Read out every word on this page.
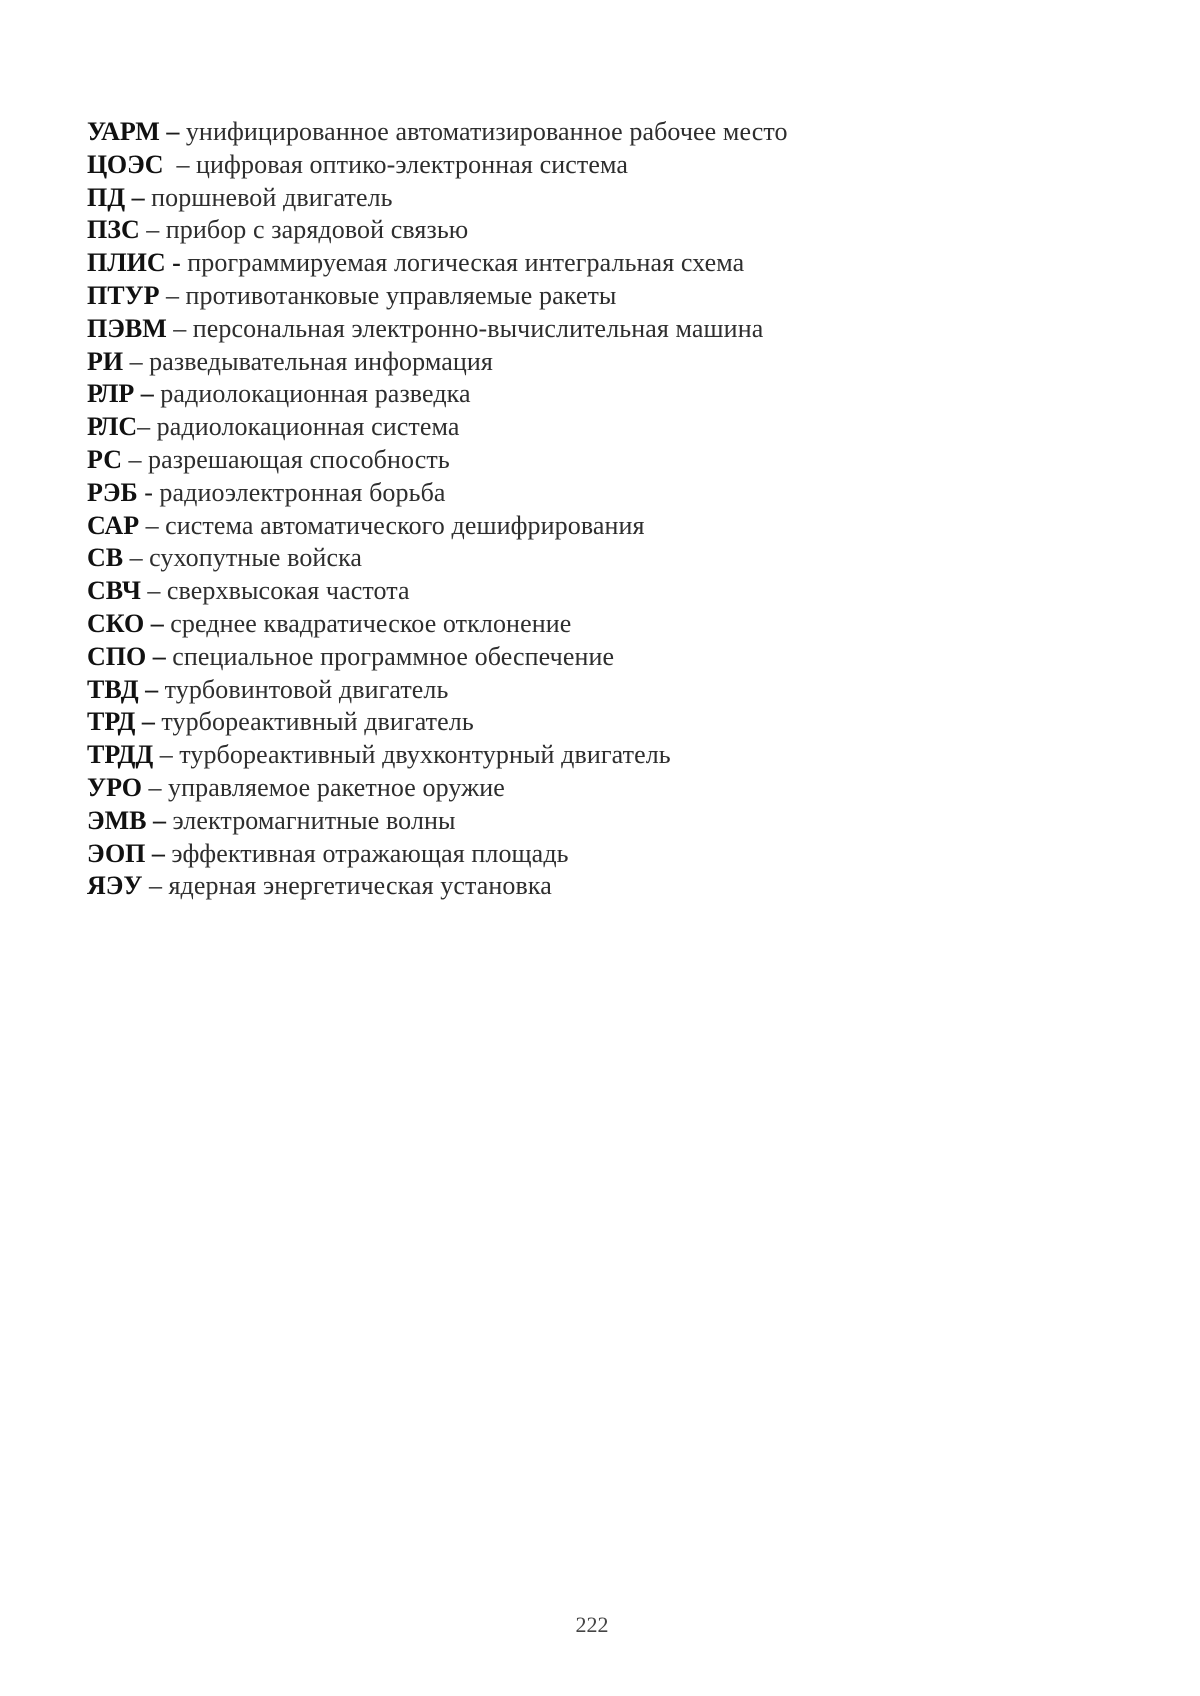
УАРМ – унифицированное автоматизированное рабочее место
ЦОЭС  – цифровая оптико-электронная система
ПД – поршневой двигатель
ПЗС – прибор с зарядовой связью
ПЛИС - программируемая логическая интегральная схема
ПТУР – противотанковые управляемые ракеты
ПЭВМ – персональная электронно-вычислительная машина
РИ – разведывательная информация
РЛР – радиолокационная разведка
РЛС– радиолокационная система
РС – разрешающая способность
РЭБ - радиоэлектронная борьба
САР – система автоматического дешифрирования
СВ – сухопутные войска
СВЧ – сверхвысокая частота
СКО – среднее квадратическое отклонение
СПО – специальное программное обеспечение
ТВД – турбовинтовой двигатель
ТРД – турбореактивный двигатель
ТРДД – турбореактивный двухконтурный двигатель
УРО – управляемое ракетное оружие
ЭМВ – электромагнитные волны
ЭОП – эффективная отражающая площадь
ЯЭУ – ядерная энергетическая установка
222
